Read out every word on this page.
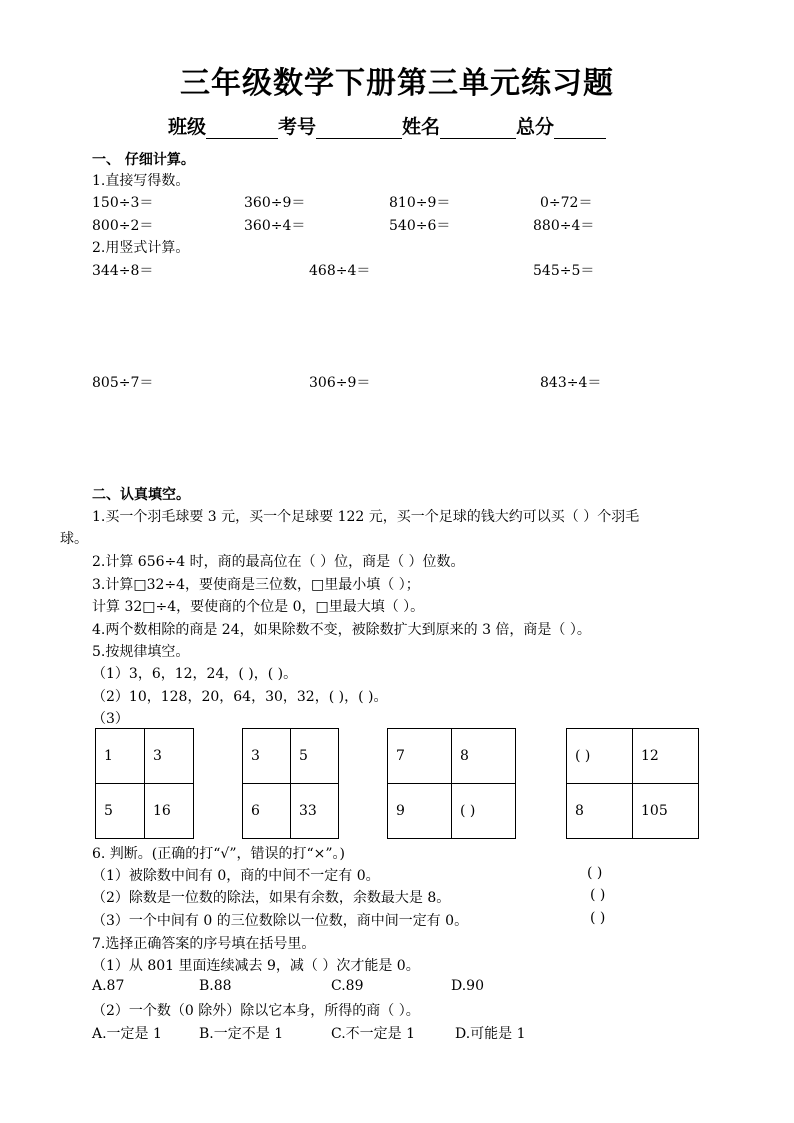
三年级数学下册第三单元练习题
班级	考号	姓名	总分
一、 仔细计算。
1.直接写得数。
150÷3＝	360÷9＝	810÷9＝	0÷72＝
800÷2＝	360÷4＝	540÷6＝	880÷4＝
2.用竖式计算。
344÷8＝	468÷4＝	545÷5＝
805÷7＝	306÷9＝	843÷4＝
二、认真填空。
1.买一个羽毛球要 3 元，买一个足球要 122 元，买一个足球的钱大约可以买（ ）个羽毛
球。
2.计算 656÷4 时，商的最高位在（ ）位，商是（ ）位数。
3.计算□32÷4，要使商是三位数，□里最小填（ ）；
计算 32□÷4，要使商的个位是 0，□里最大填（ ）。
4.两个数相除的商是 24，如果除数不变，被除数扩大到原来的 3 倍，商是（ ）。
5.按规律填空。
（1）3，6，12，24，( )，( )。
（2）10，128，20，64，30，32，( )，( )。
（3）
1	3
5	16
3	5
6	33
7	8
9	( )
( )	12
8	105
6. 判断。(正确的打“√”，错误的打“×”。)
（1）被除数中间有 0，商的中间不一定有 0。	( )
（2）除数是一位数的除法，如果有余数，余数最大是 8。	( )
（3）一个中间有 0 的三位数除以一位数，商中间一定有 0。	( )
7.选择正确答案的序号填在括号里。
（1）从 801 里面连续减去 9，减（ ）次才能是 0。
A.87	B.88	C.89	D.90
（2）一个数（0 除外）除以它本身，所得的商（ ）。
A.一定是 1	B.一定不是 1	C.不一定是 1	D.可能是 1
